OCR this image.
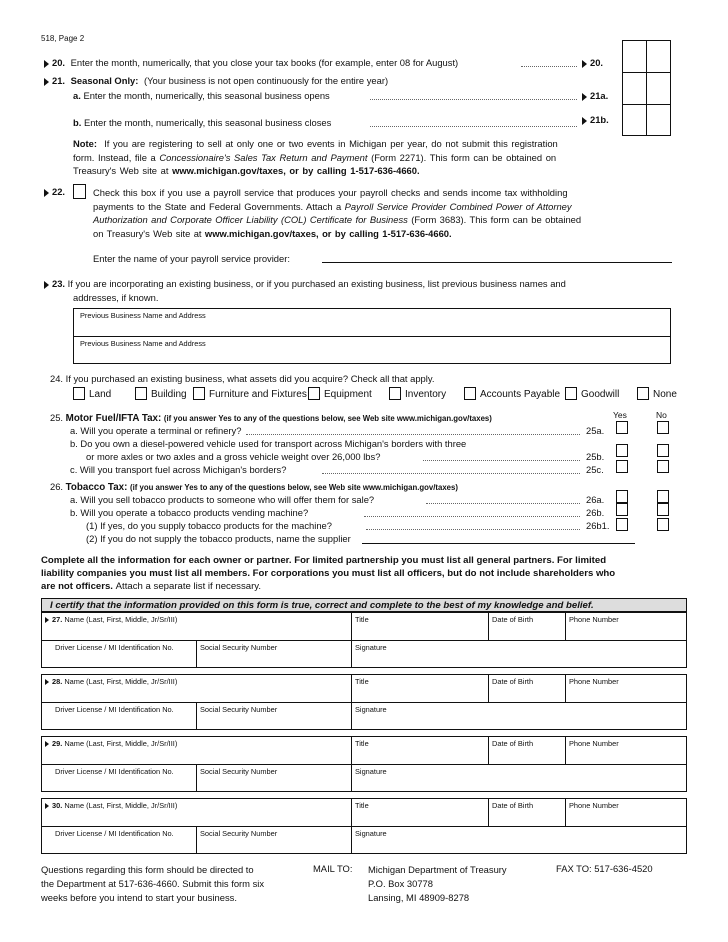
518, Page 2
20. Enter the month, numerically, that you close your tax books (for example, enter 08 for August)	20.
21. Seasonal Only: (Your business is not open continuously for the entire year)
a. Enter the month, numerically, this seasonal business opens	21a.
b. Enter the month, numerically, this seasonal business closes	21b.
Note: If you are registering to sell at only one or two events in Michigan per year, do not submit this registration
form. Instead, file a Concessionaire's Sales Tax Return and Payment (Form 2271). This form can be obtained on
Treasury's Web site at www.michigan.gov/taxes, or by calling 1-517-636-4660.
22.	Check this box if you use a payroll service that produces your payroll checks and sends income tax withholding
payments to the State and Federal Governments. Attach a Payroll Service Provider Combined Power of Attorney
Authorization and Corporate Officer Liability (COL) Certificate for Business (Form 3683). This form can be obtained
on Treasury's Web site at www.michigan.gov/taxes, or by calling 1-517-636-4660.
Enter the name of your payroll service provider:
23. If you are incorporating an existing business, or if you purchased an existing business, list previous business names and
addresses, if known.
Previous Business Name and Address
Previous Business Name and Address
24. If you purchased an existing business, what assets did you acquire? Check all that apply.
Land	Building Furniture and Fixtures Equipment	Inventory	Accounts Payable Goodwill	None
25. Motor Fuel/IFTA Tax: (if you answer Yes to any of the questions below, see Web site www.michigan.gov/taxes)	Yes	No
a. Will you operate a terminal or refinery?	25a.
b. Do you own a diesel-powered vehicle used for transport across Michigan's borders with three
or more axles or two axles and a gross vehicle weight over 26,000 lbs?	25b.
c. Will you transport fuel across Michigan's borders?	25c.
26. Tobacco Tax: (if you answer Yes to any of the questions below, see Web site www.michigan.gov/taxes)
a. Will you sell tobacco products to someone who will offer them for sale?	26a.
b. Will you operate a tobacco products vending machine?	26b.
(1) If yes, do you supply tobacco products for the machine?	26b1.
(2) If you do not supply the tobacco products, name the supplier
Complete all the information for each owner or partner. For limited partnership you must list all general partners. For limited
liability companies you must list all members. For corporations you must list all officers, but do not include shareholders who
are not officers. Attach a separate list if necessary.
I certify that the information provided on this form is true, correct and complete to the best of my knowledge and belief.
27. Name (Last, First, Middle, Jr/Sr/III)	Title	Date of Birth	Phone Number
Driver License / MI Identification No.	Social Security Number	Signature
28. Name (Last, First, Middle, Jr/Sr/III)	Title	Date of Birth	Phone Number
Driver License / MI Identification No.	Social Security Number	Signature
29. Name (Last, First, Middle, Jr/Sr/III)	Title	Date of Birth	Phone Number
Driver License / MI Identification No.	Social Security Number	Signature
30. Name (Last, First, Middle, Jr/Sr/III)	Title	Date of Birth	Phone Number
Driver License / MI Identification No.	Social Security Number	Signature
Questions regarding this form should be directed to
the Department at 517-636-4660. Submit this form six
weeks before you intend to start your business.
MAIL TO: Michigan Department of Treasury
P.O. Box 30778
Lansing, MI 48909-8278
FAX TO: 517-636-4520
